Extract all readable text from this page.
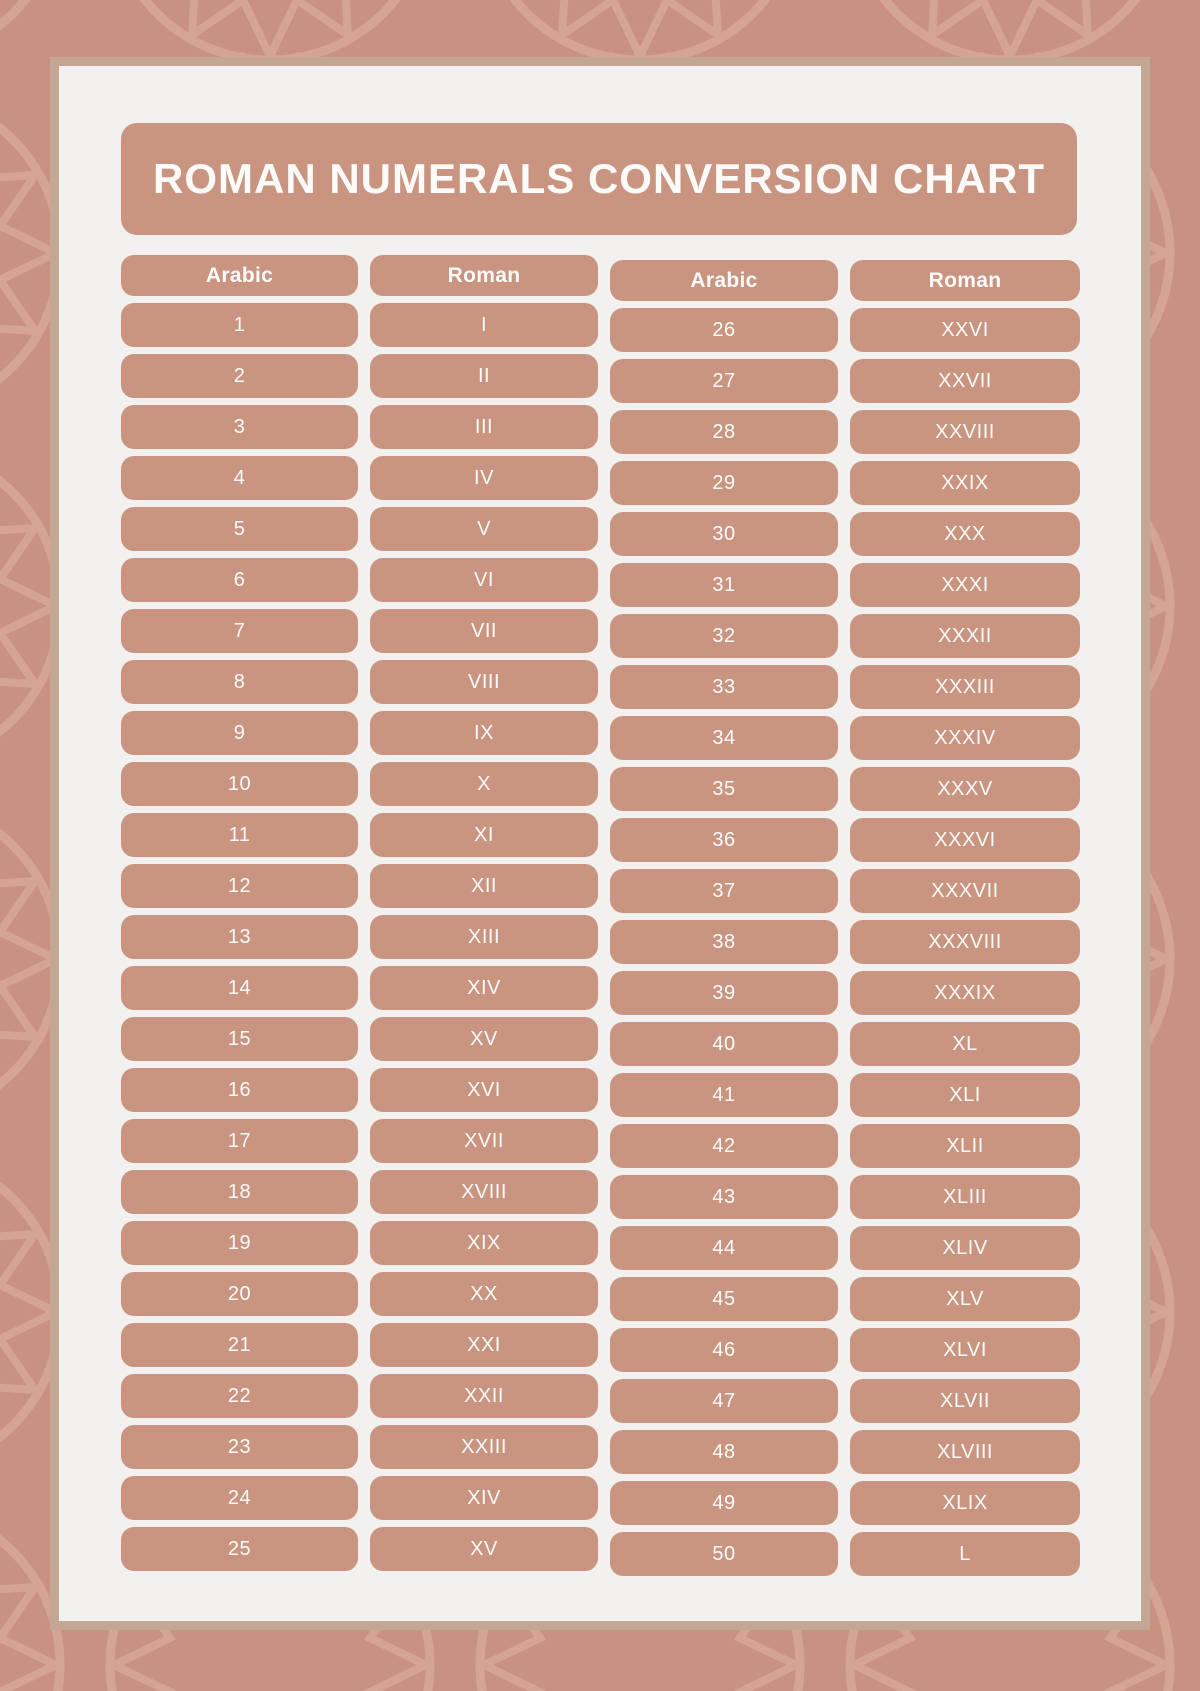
ROMAN NUMERALS CONVERSION CHART
Arabic	Roman	Arabic	Roman
1	I	26	XXVI
2	II	27	XXVII
3	III	28	XXVIII
4	IV	29	XXIX
5	V	30	XXX
6	VI	31	XXXI
7	VII	32	XXXII
8	VIII	33	XXXIII
9	IX	34	XXXIV
10	X	35	XXXV
11	XI	36	XXXVI
12	XII	37	XXXVII
13	XIII	38	XXXVIII
14	XIV	39	XXXIX
15	XV	40	XL
16	XVI	41	XLI
17	XVII	42	XLII
18	XVIII	43	XLIII
19	XIX	44	XLIV
20	XX	45	XLV
21	XXI	46	XLVI
22	XXII	47	XLVII
23	XXIII	48	XLVIII
24	XIV	49	XLIX
25	XV	50	L
